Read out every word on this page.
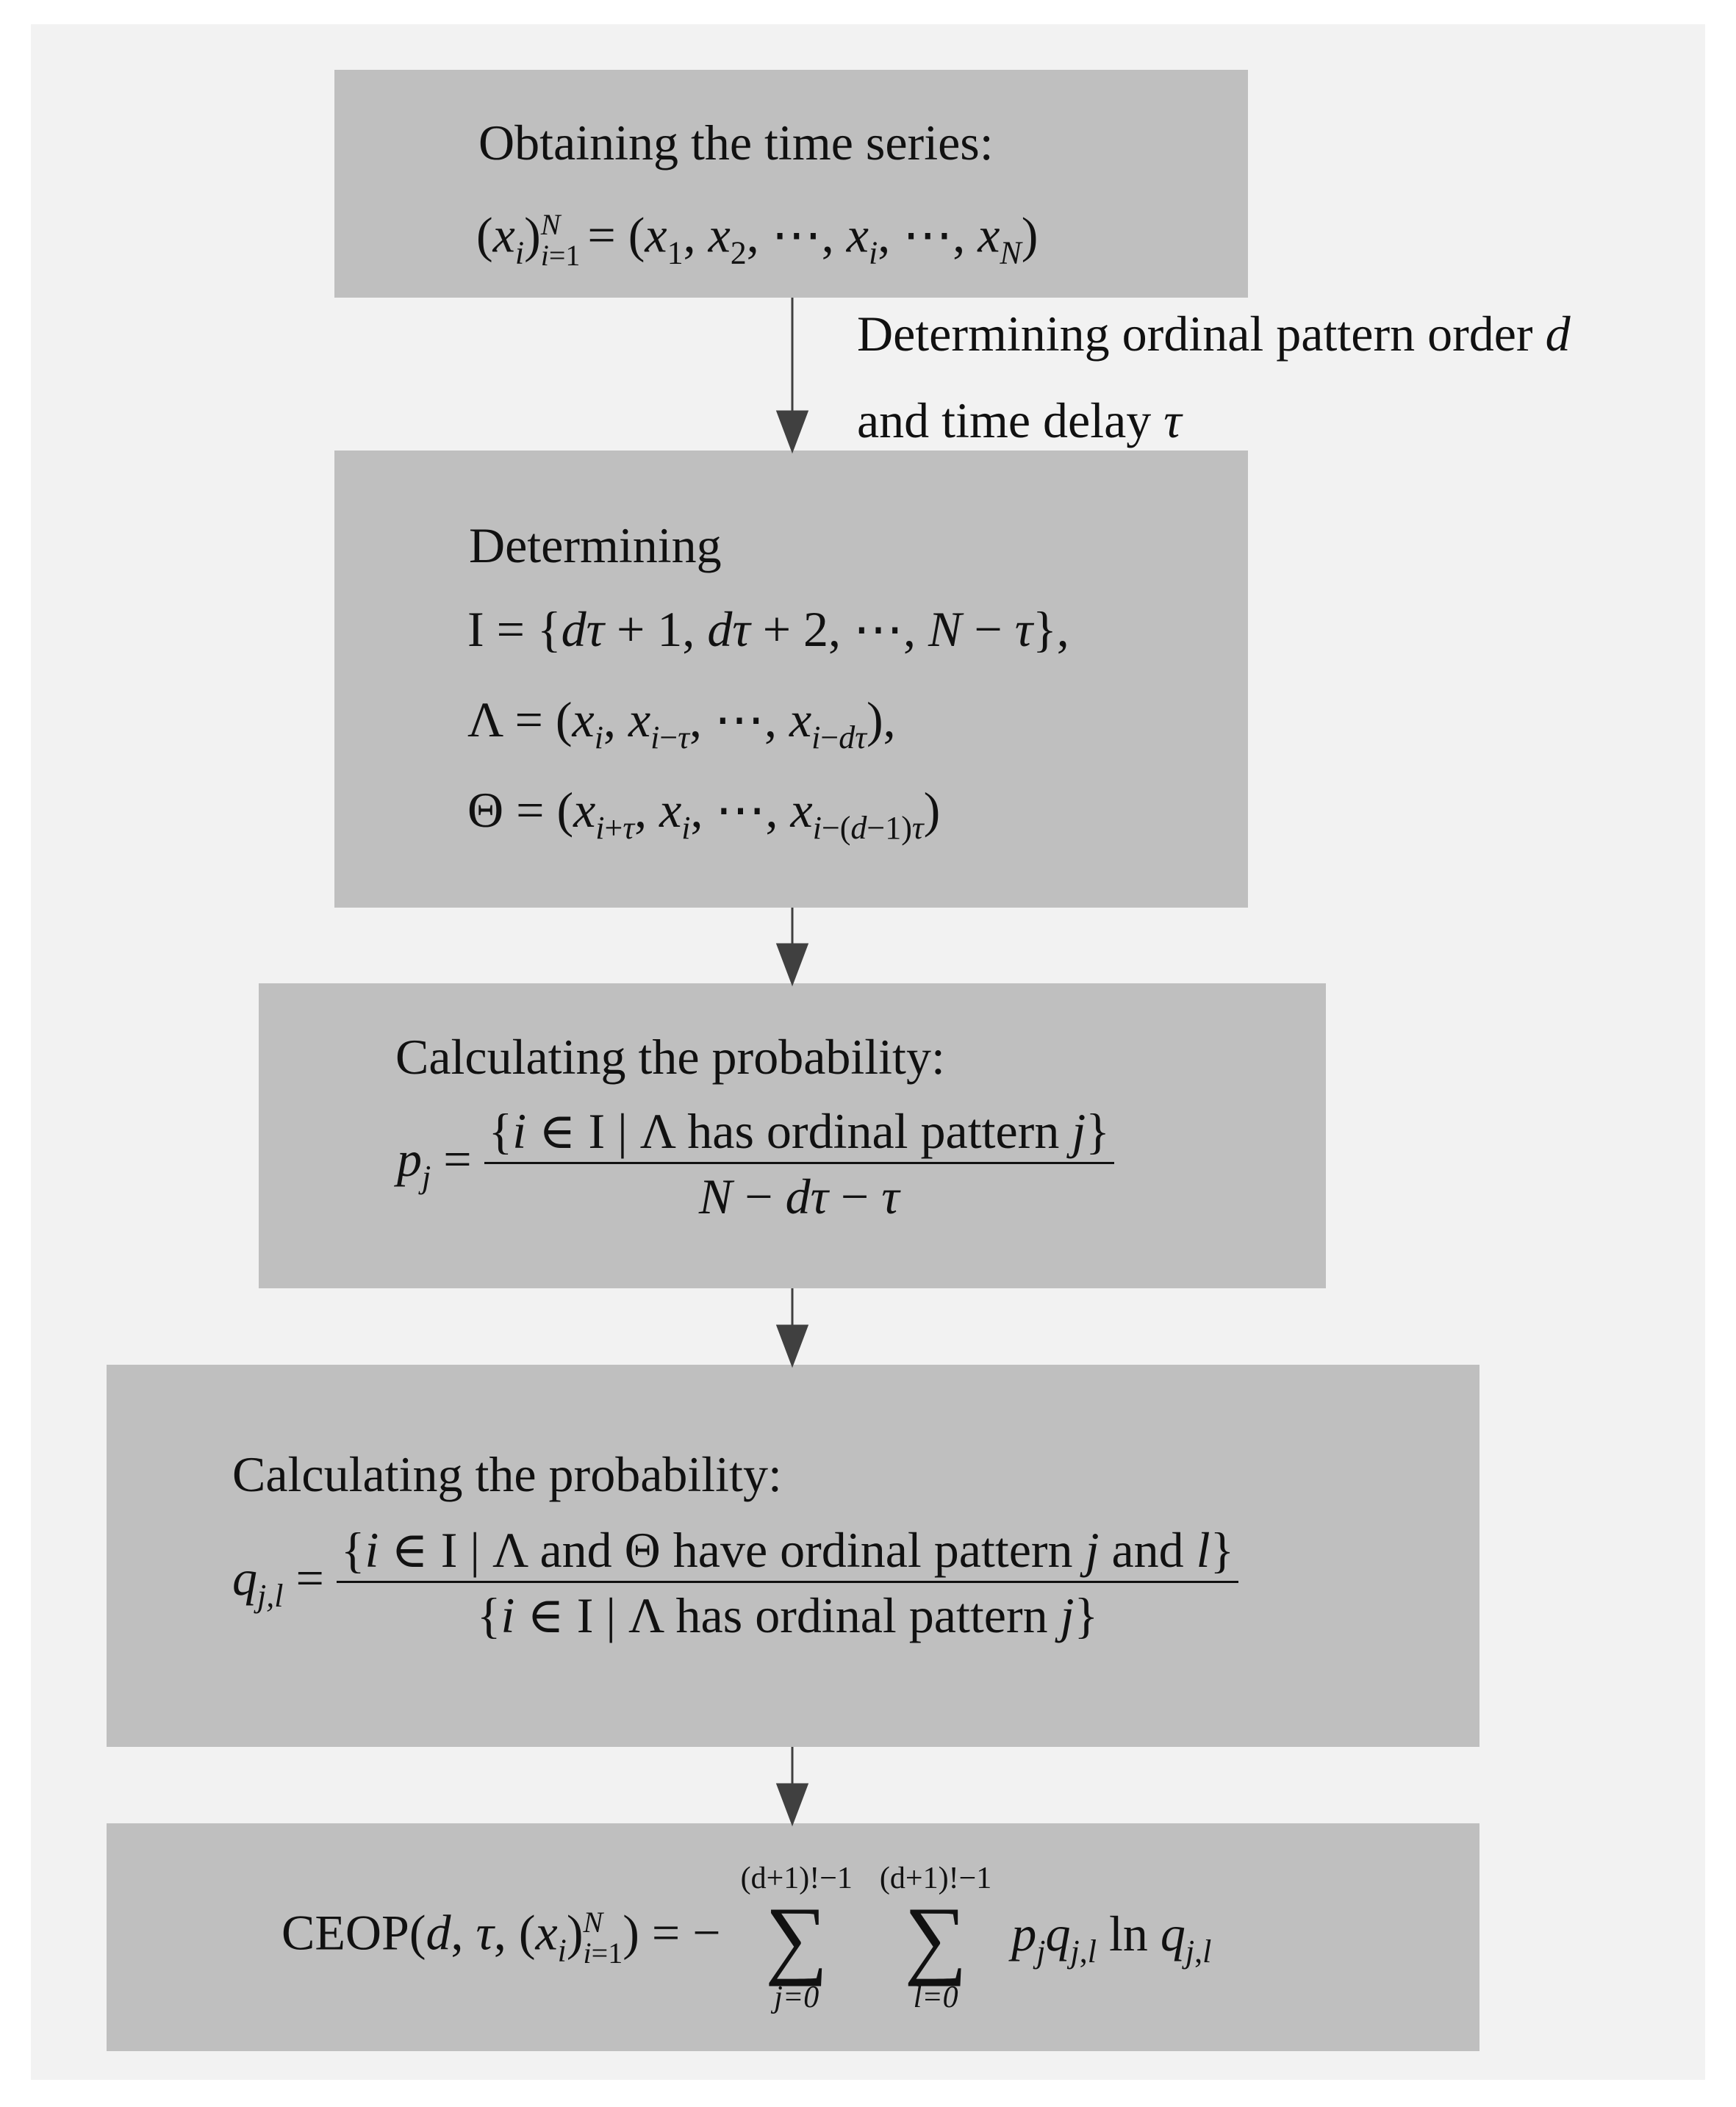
Obtaining the time series:
$(x_i)N$
$i=1 = (x_1$, $x_2$, ⋯, $x_i$, ⋯, $x_N$)
Determining ordinal pattern order d
and time delay τ
Determining
I = {dτ + 1, dτ + 2, ⋯, N − τ},
$\Lambda = (x_i$, $x_{i-\tau}$, ⋯, $x_{i-d\tau}$),
$\Theta = (x_{i+\tau}$, $x_i$, ⋯, $x_{i-(d-1)\tau}$)
Calculating the probability:
$p_j = \frac{\text{\{i ∈ I | Λ has ordinal pattern j\}}}{N - d\tau - \tau}$
Calculating the probability:
$q_{j,l} = \frac{\text{\{i ∈ I | Λ and Θ have ordinal pattern j and l\}}}{\text{\{i ∈ I | Λ has ordinal pattern j\}}}$
CEOP(d, τ, $(x_i)N$
i=1) = −
(d+1)!−1
∑
j=0

(d+1)!−1
∑
l=0
$p_jq_{j,l}$ $\ln q_{j,l}$
